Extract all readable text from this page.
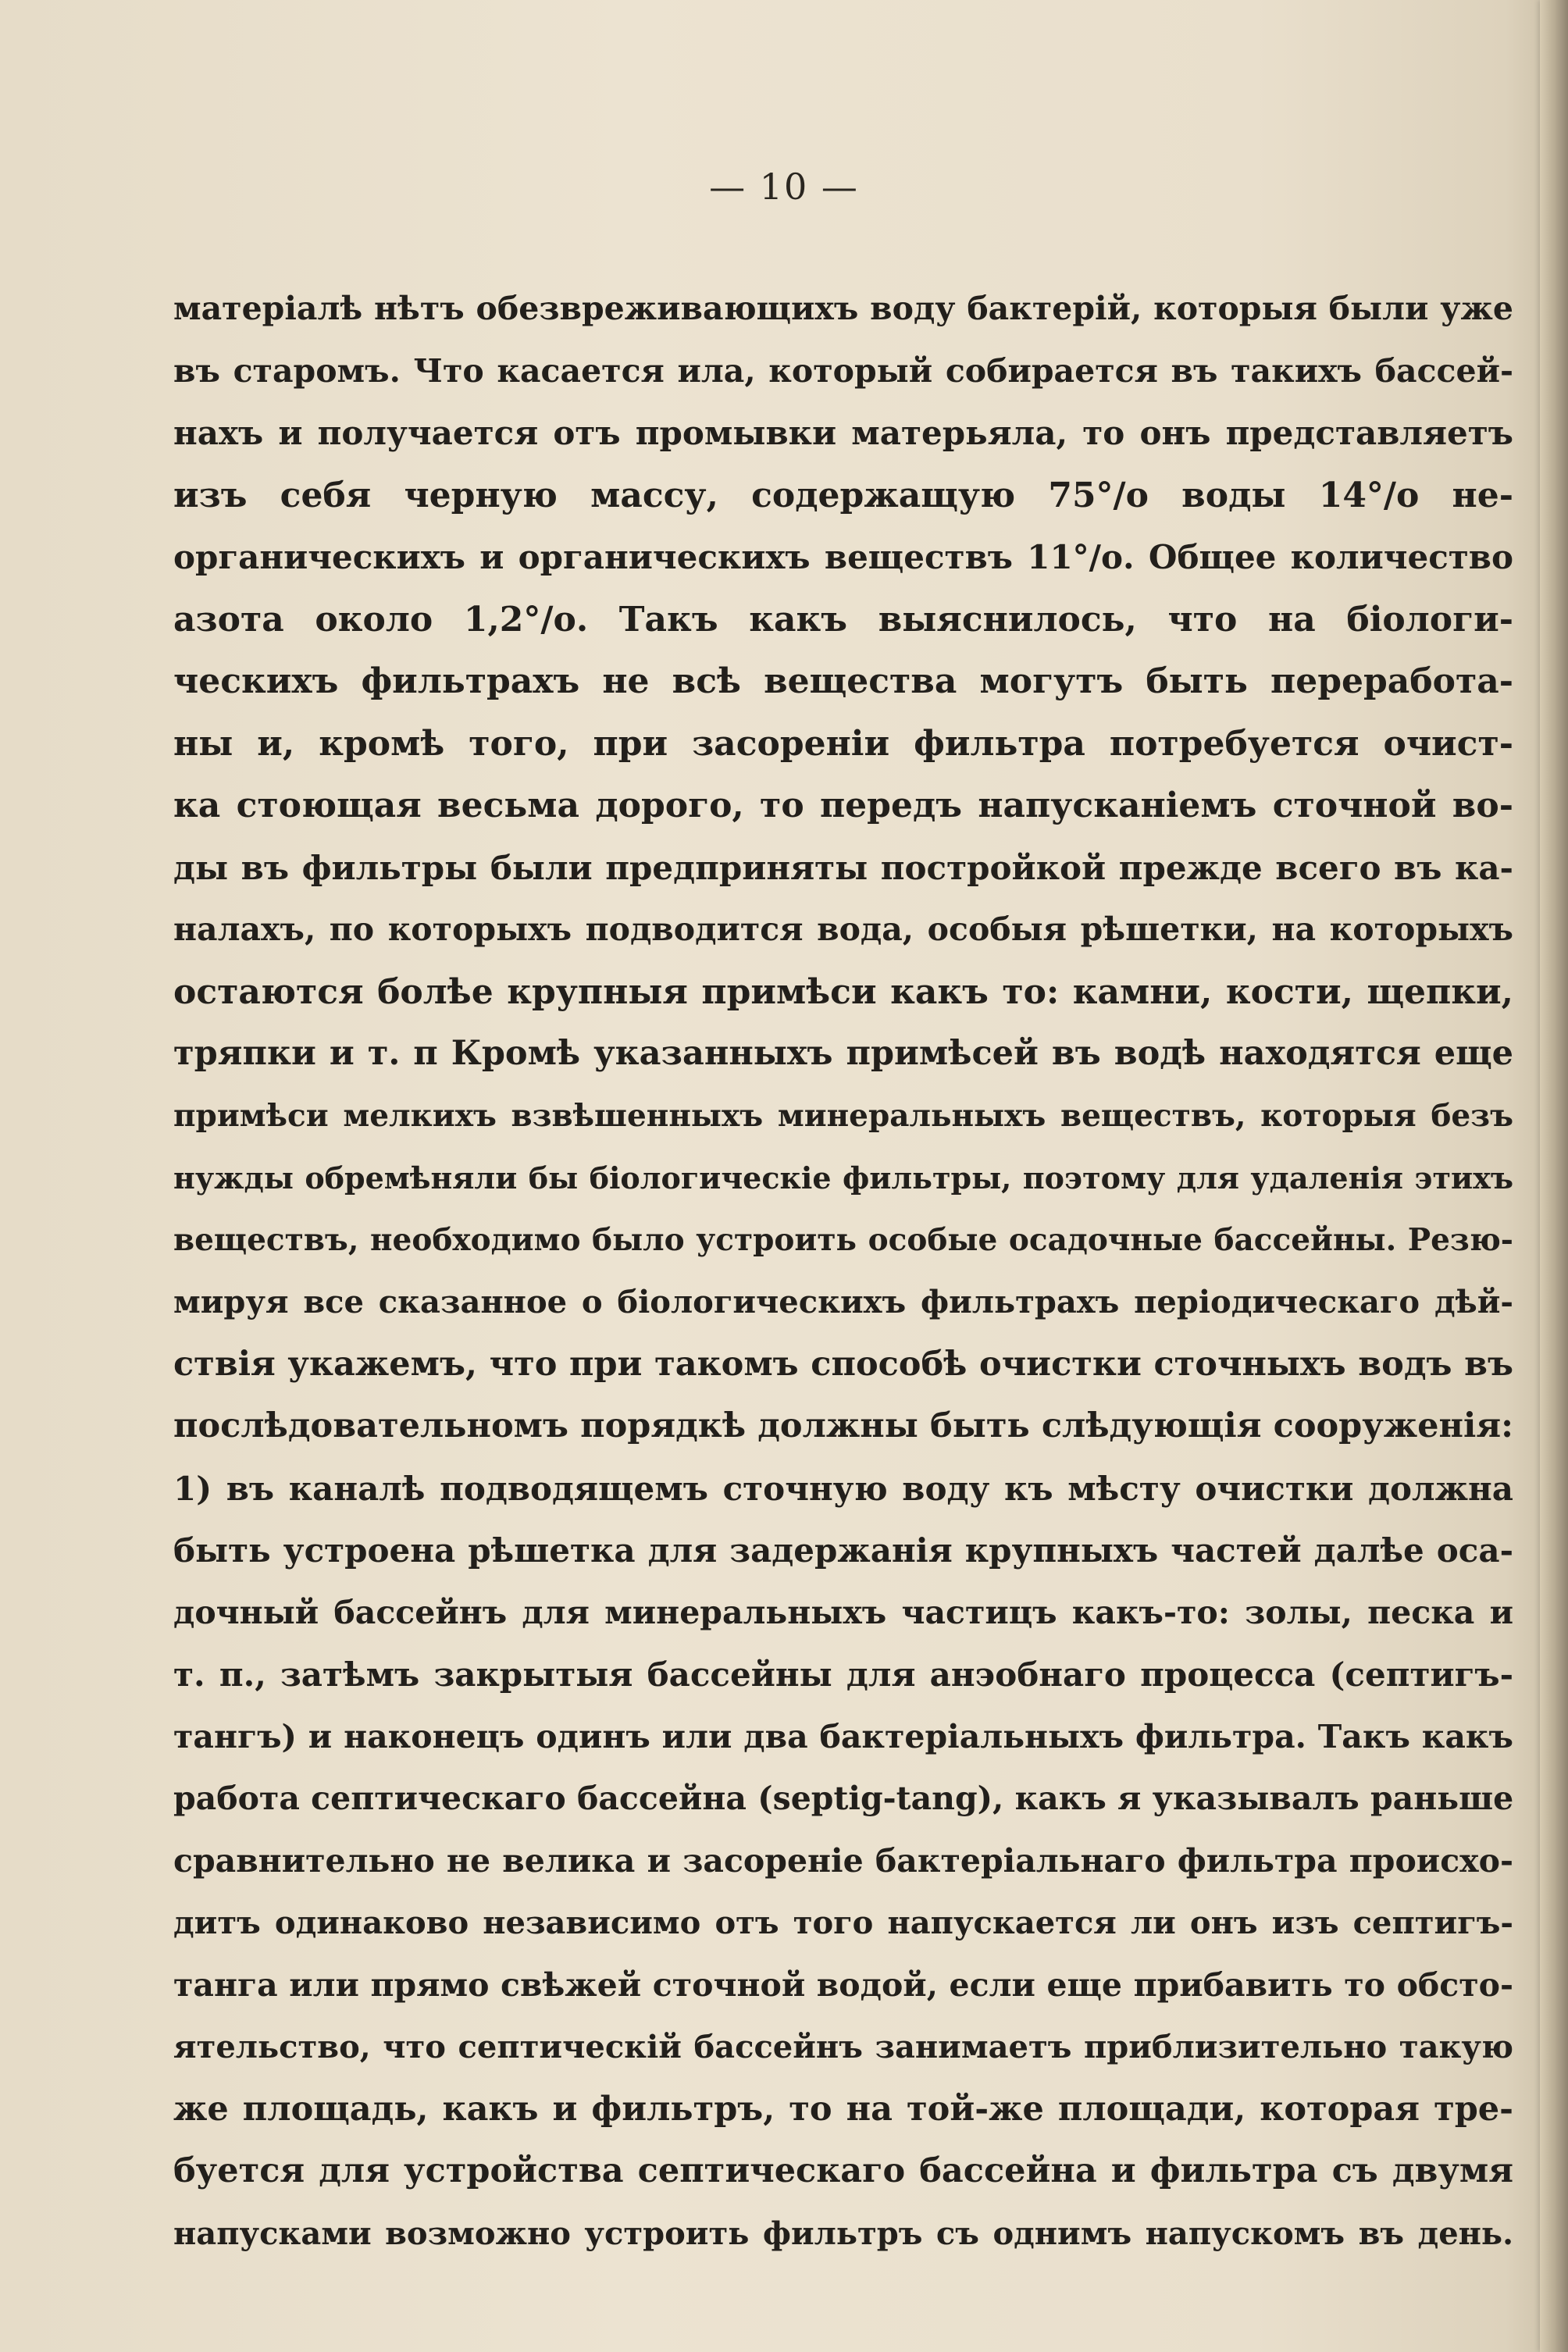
— 10 —
матеріалѣ нѣтъ обезвреживающихъ воду бактерій, которыя были уже
въ старомъ. Что касается ила, который собирается въ такихъ бассей-
нахъ и получается отъ промывки матерьяла, то онъ представляетъ
изъ себя черную массу, содержащую 75°/о воды 14°/о не-
органическихъ и органическихъ веществъ 11°/о. Общее количество
азота около 1,2°/о. Такъ какъ выяснилось, что на біологи-
ческихъ фильтрахъ не всѣ вещества могутъ быть переработа-
ны и, кромѣ того, при засореніи фильтра потребуется очист-
ка стоющая весьма дорого, то передъ напусканіемъ сточной во-
ды въ фильтры были предприняты постройкой прежде всего въ ка-
налахъ, по которыхъ подводится вода, особыя рѣшетки, на которыхъ
остаются болѣе крупныя примѣси какъ то: камни, кости, щепки,
тряпки и т. п Кромѣ указанныхъ примѣсей въ водѣ находятся еще
примѣси мелкихъ взвѣшенныхъ минеральныхъ веществъ, которыя безъ
нужды обремѣняли бы біологическіе фильтры, поэтому для удаленія этихъ
веществъ, необходимо было устроить особые осадочные бассейны. Резю-
мируя все сказанное о біологическихъ фильтрахъ періодическаго дѣй-
ствія укажемъ, что при такомъ способѣ очистки сточныхъ водъ въ
послѣдовательномъ порядкѣ должны быть слѣдующія сооруженія:
1) въ каналѣ подводящемъ сточную воду къ мѣсту очистки должна
быть устроена рѣшетка для задержанія крупныхъ частей далѣе оса-
дочный бассейнъ для минеральныхъ частицъ какъ-то: золы, песка и
т. п., затѣмъ закрытыя бассейны для анэобнаго процесса (септигъ-
тангъ) и наконецъ одинъ или два бактеріальныхъ фильтра. Такъ какъ
работа септическаго бассейна (septig-tang), какъ я указывалъ раньше
сравнительно не велика и засореніе бактеріальнаго фильтра происхо-
дитъ одинаково независимо отъ того напускается ли онъ изъ септигъ-
танга или прямо свѣжей сточной водой, если еще прибавить то обсто-
ятельство, что септическій бассейнъ занимаетъ приблизительно такую
же площадь, какъ и фильтръ, то на той-же площади, которая тре-
буется для устройства септическаго бассейна и фильтра съ двумя
напусками возможно устроить фильтръ съ однимъ напускомъ въ день.
